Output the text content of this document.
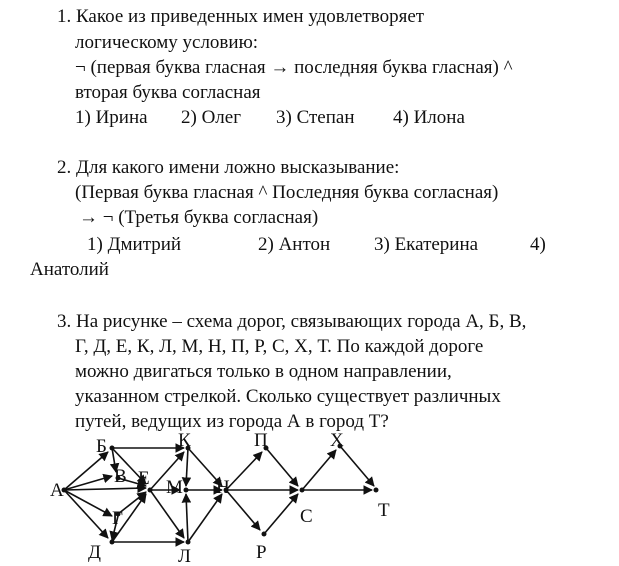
1. Какое из приведенных имен удовлетворяет
логическому условию:
¬ (первая буква гласная → последняя буква гласная) ^
вторая буква согласная
1) Ирина 2) Олег 3) Степан 4) Илона
2. Для какого имени ложно высказывание:
(Первая буква гласная ^ Последняя буква согласная)
→ ¬ (Третья буква согласная)
1) Дмитрий	2) Антон 3) Екатерина	4)
Анатолий
3. На рисунке – схема дорог, связывающих города А, Б, В,
Г, Д, Е, К, Л, М, Н, П, Р, С, Х, Т. По каждой дороге
можно двигаться только в одном направлении,
указанном стрелкой. Сколько существует различных
путей, ведущих из города А в город Т?
А
Б
В
Г
Д
Е
К
Л
М Н
П
Р
С
Х
Т
